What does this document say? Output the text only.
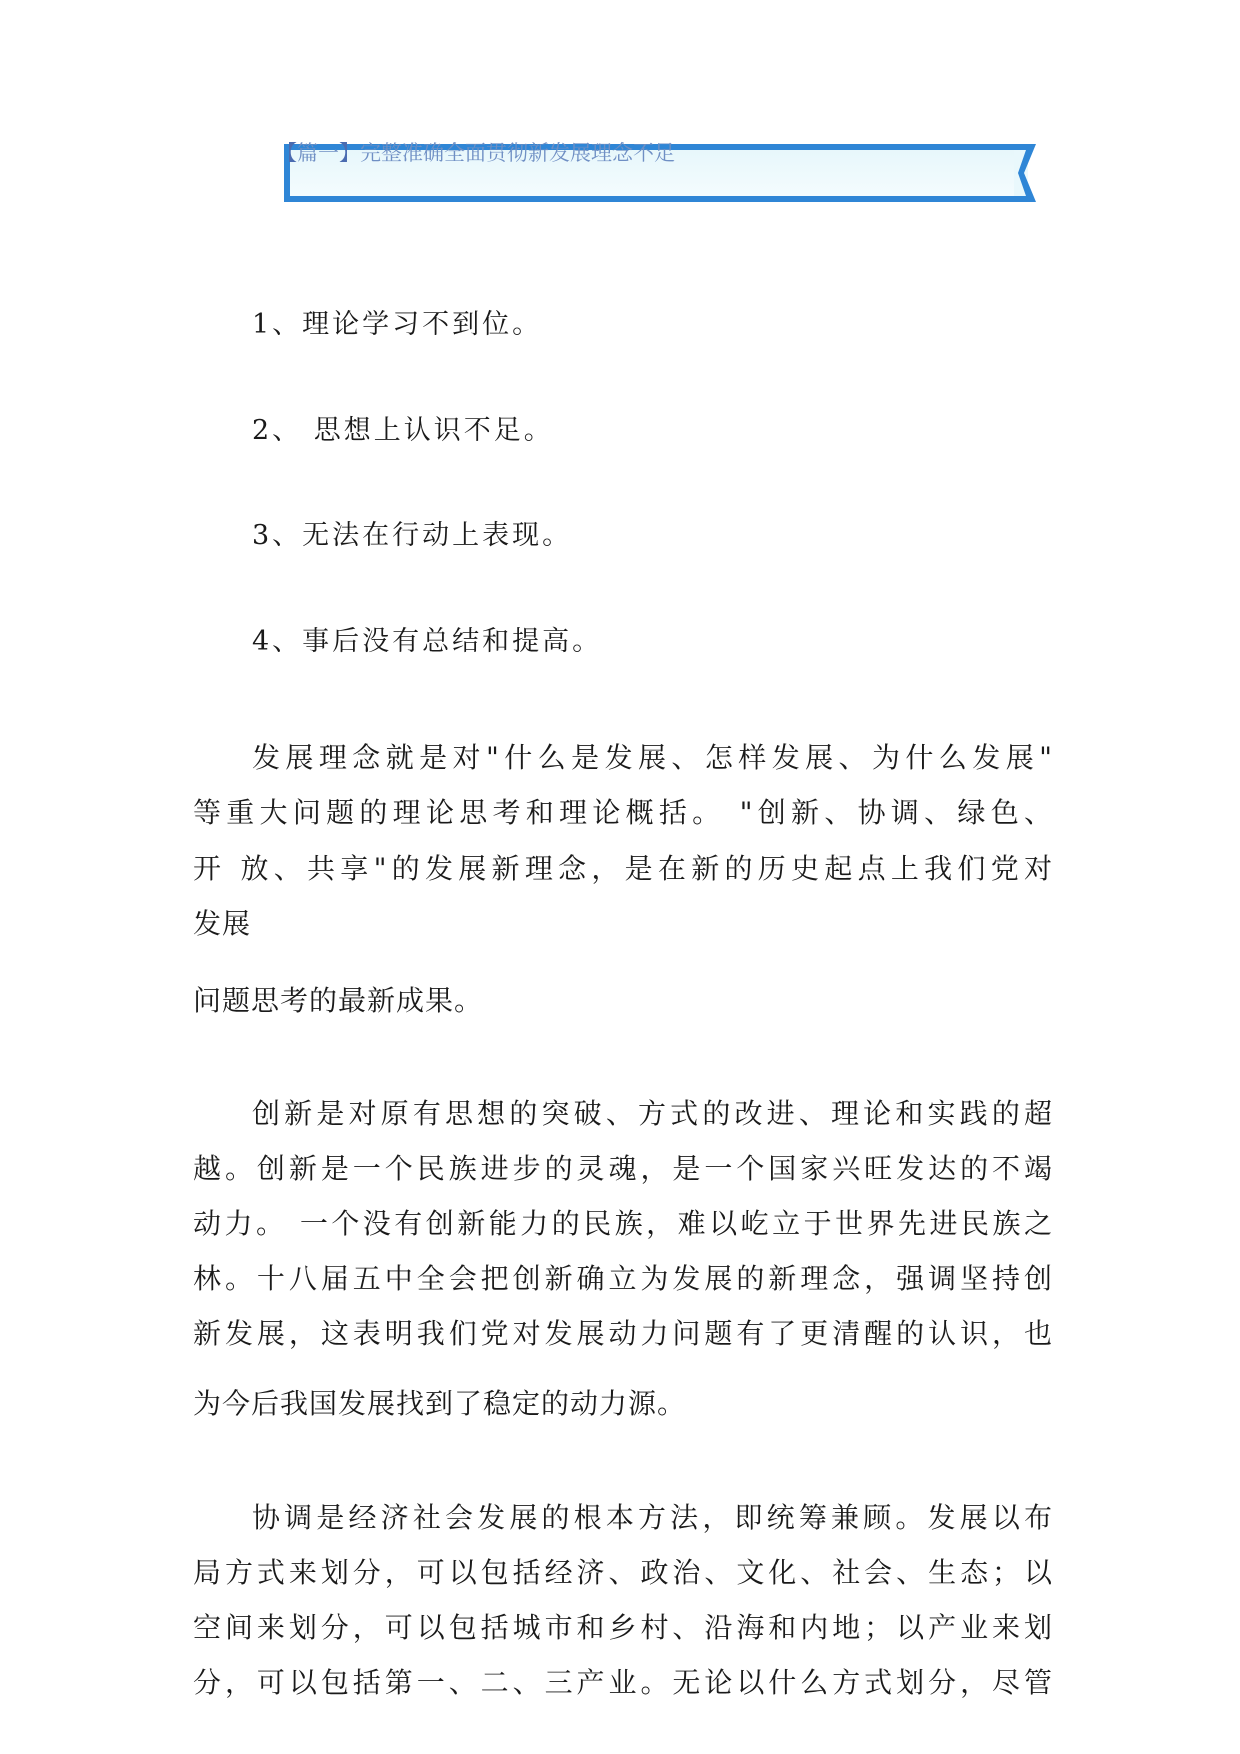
【篇一】完整准确全面贯彻新发展理念不足
1、理论学习不到位。
2、 思想上认识不足。
3、无法在行动上表现。
4、事后没有总结和提高。
发展理念就是对"什么是发展、怎样发展、为什么发展"
等重大问题的理论思考和理论概括。 "创新、协调、绿色、
开 放、共享"的发展新理念，是在新的历史起点上我们党对
发展
问题思考的最新成果。
创新是对原有思想的突破、方式的改进、理论和实践的超
越。创新是一个民族进步的灵魂，是一个国家兴旺发达的不竭
动力。 一个没有创新能力的民族，难以屹立于世界先进民族之
林。十八届五中全会把创新确立为发展的新理念，强调坚持创
新发展，这表明我们党对发展动力问题有了更清醒的认识，也
为今后我国发展找到了稳定的动力源。
协调是经济社会发展的根本方法，即统筹兼顾。发展以布
局方式来划分，可以包括经济、政治、文化、社会、生态；以
空间来划分，可以包括城市和乡村、沿海和内地；以产业来划
分，可以包括第一、二、三产业。无论以什么方式划分，尽管
